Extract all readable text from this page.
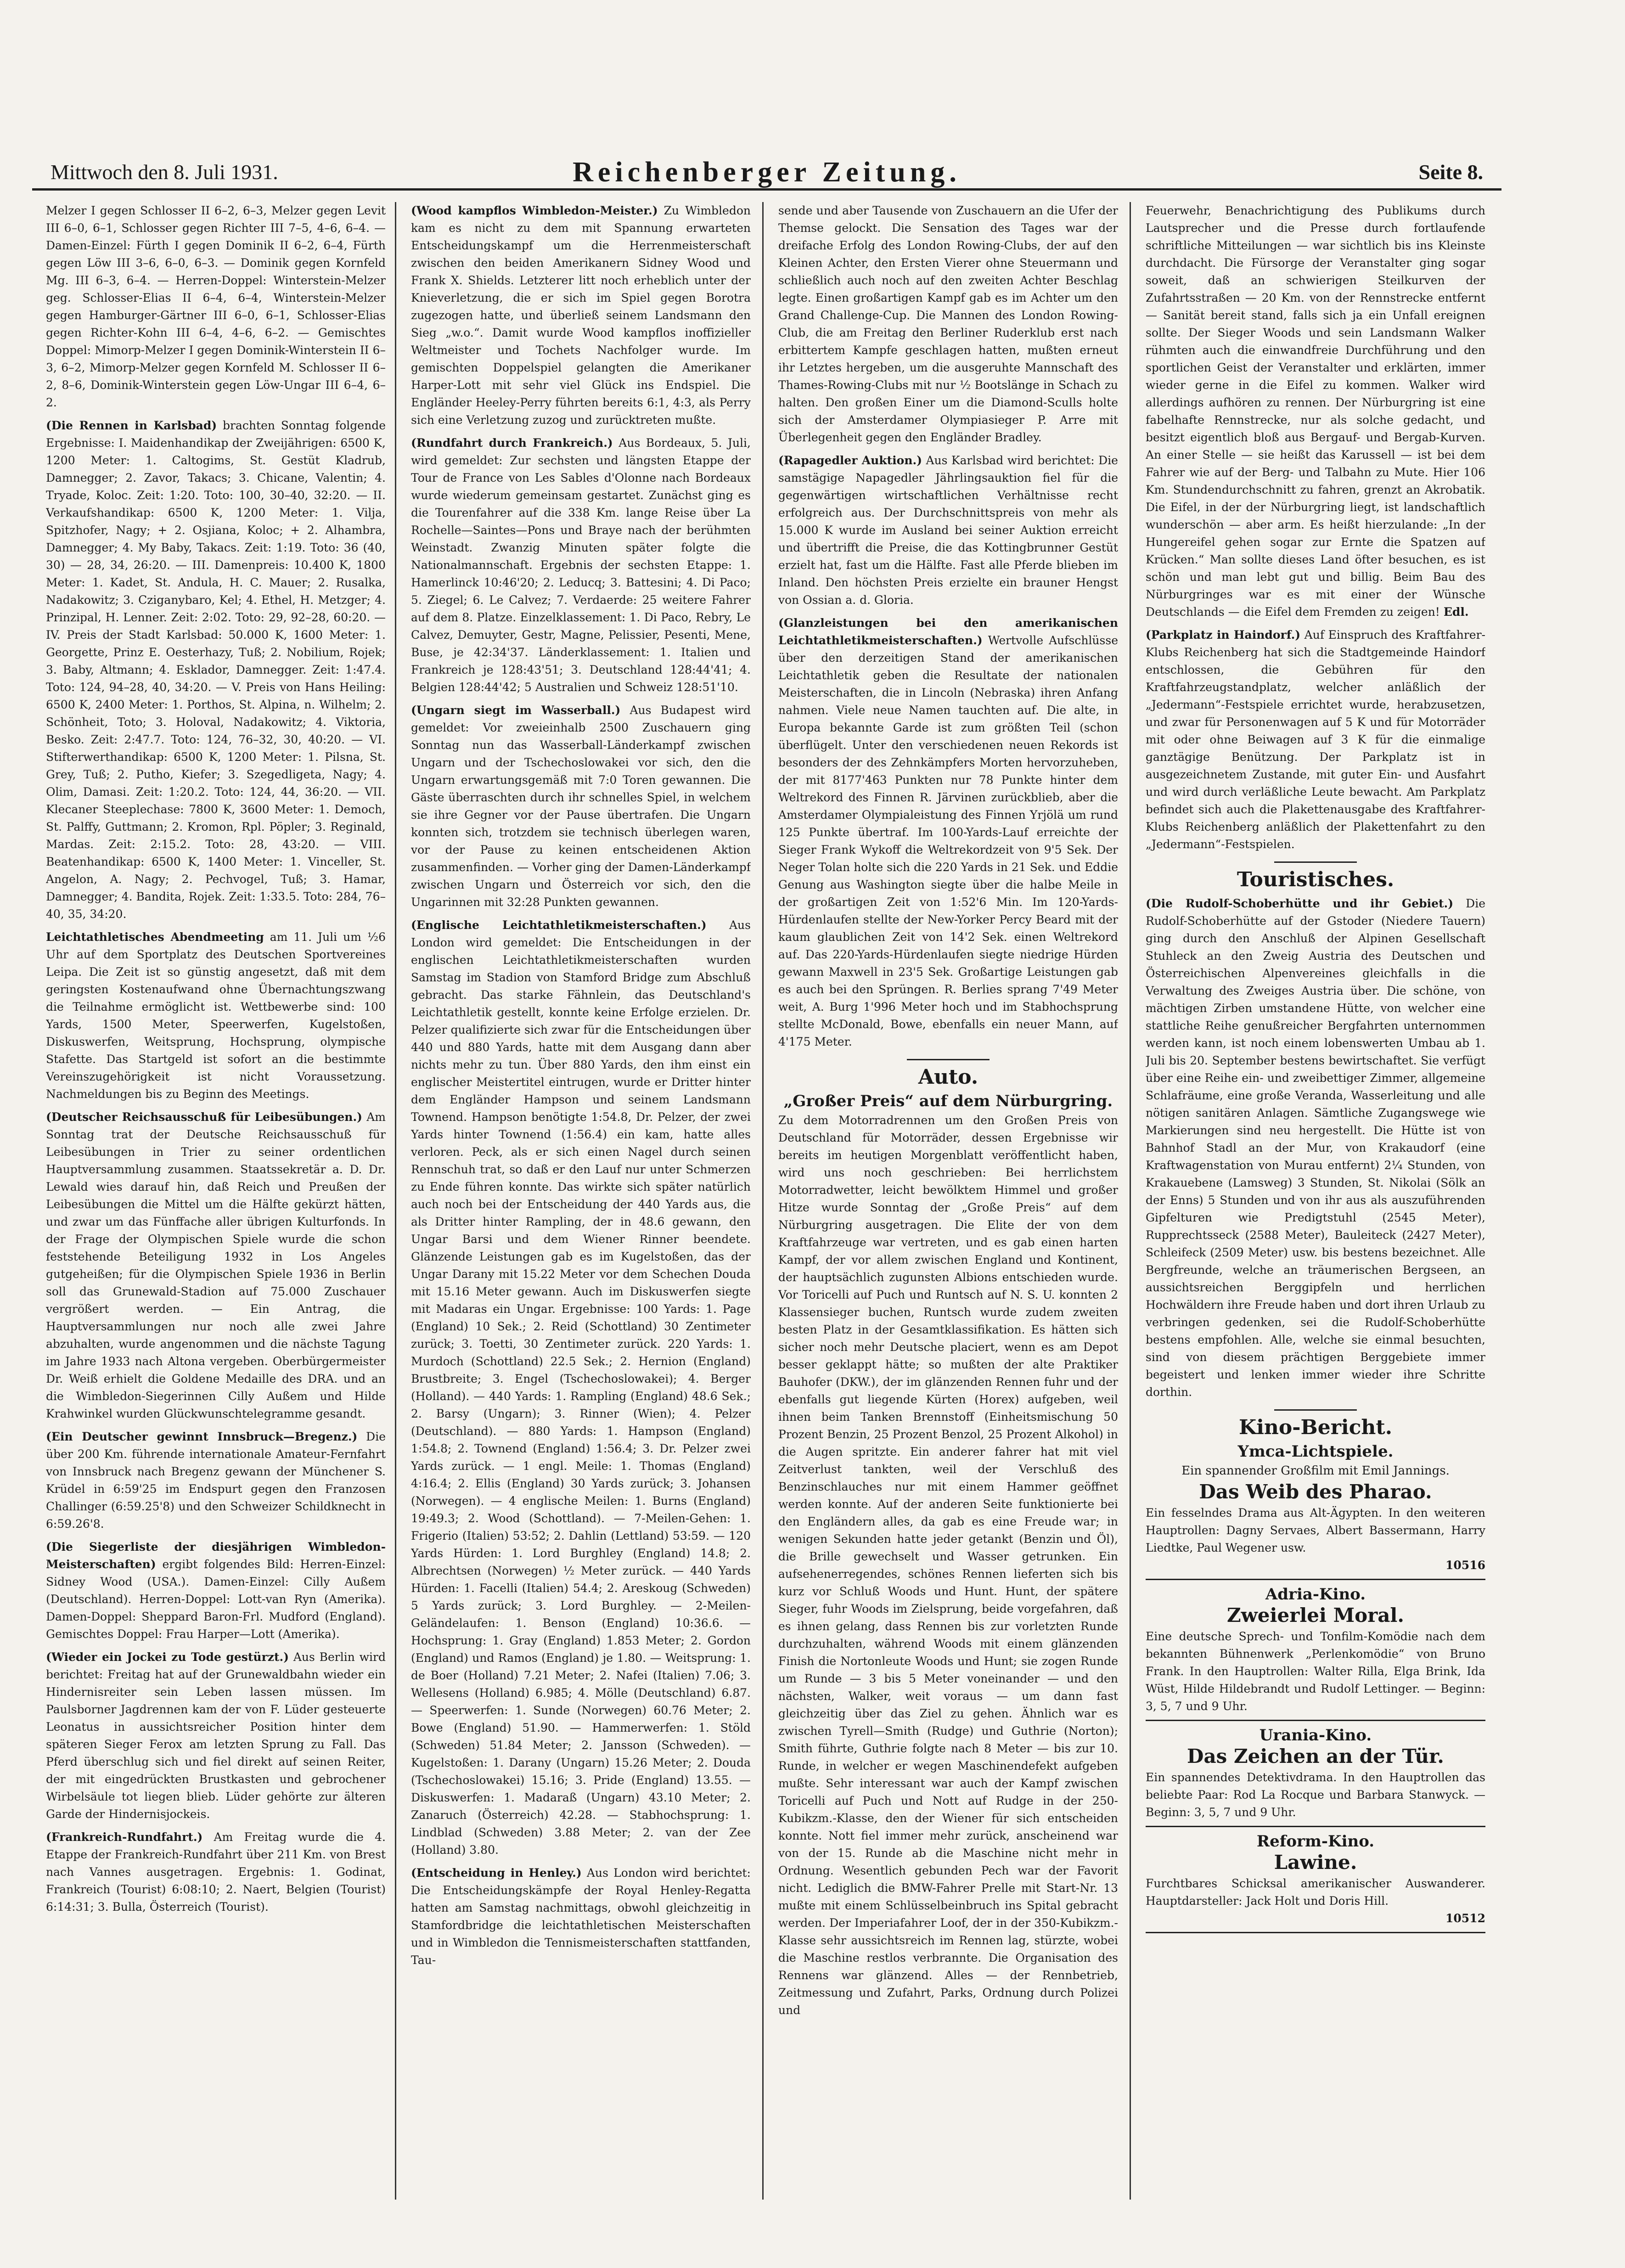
Mittwoch den 8. Juli 1931.	Reichenberger Zeitung.	Seite 8.

Melzer I gegen Schlosser II 6–2, 6–3, Melzer gegen Levit III 6–0, 6–1, Schlosser gegen Richter III 7–5, 4–6, 6–4. — Damen-Einzel: Fürth I gegen Dominik II 6–2, 6–4, Fürth gegen Löw III 3–6, 6–0, 6–3. — Dominik gegen Kornfeld Mg. III 6–3, 6–4. — Herren-Doppel: Winterstein-Melzer geg. Schlosser-Elias II 6–4, 6–4, Winterstein-Melzer gegen Hamburger-Gärtner III 6–0, 6–1, Schlosser-Elias gegen Richter-Kohn III 6–4, 4–6, 6–2. — Gemischtes Doppel: Mimorp-Melzer I gegen Dominik-Winterstein II 6–3, 6–2, Mimorp-Melzer gegen Kornfeld M. Schlosser II 6–2, 8–6, Dominik-Winterstein gegen Löw-Ungar III 6–4, 6–2.

(Die Rennen in Karlsbad) brachten Sonntag folgende Ergebnisse: I. Maidenhandikap der Zweijährigen: 6500 K, 1200 Meter: 1. Caltogims, St. Gestüt Kladrub, Damnegger; 2. Zavor, Takacs; 3. Chicane, Valentin; 4. Tryade, Koloc. Zeit: 1:20. Toto: 100, 30–40, 32:20. — II. Verkaufshandikap: 6500 K, 1200 Meter: 1. Vilja, Spitzhofer, Nagy; + 2. Osjiana, Koloc; + 2. Alhambra, Damnegger; 4. My Baby, Takacs. Zeit: 1:19. Toto: 36 (40, 30) — 28, 34, 26:20. — III. Damenpreis: 10.400 K, 1800 Meter: 1. Kadet, St. Andula, H. C. Mauer; 2. Rusalka, Nadakowitz; 3. Cziganybaro, Kel; 4. Ethel, H. Metzger; 4. Prinzipal, H. Lenner. Zeit: 2:02. Toto: 29, 92–28, 60:20. — IV. Preis der Stadt Karlsbad: 50.000 K, 1600 Meter: 1. Georgette, Prinz E. Oesterhazy, Tuß; 2. Nobilium, Rojek; 3. Baby, Altmann; 4. Esklador, Damnegger. Zeit: 1:47.4. Toto: 124, 94–28, 40, 34:20. — V. Preis von Hans Heiling: 6500 K, 2400 Meter: 1. Porthos, St. Alpina, n. Wilhelm; 2. Schönheit, Toto; 3. Holoval, Nadakowitz; 4. Viktoria, Besko. Zeit: 2:47.7. Toto: 124, 76–32, 30, 40:20. — VI. Stifterwerthandikap: 6500 K, 1200 Meter: 1. Pilsna, St. Grey, Tuß; 2. Putho, Kiefer; 3. Szegedligeta, Nagy; 4. Olim, Damasi. Zeit: 1:20.2. Toto: 124, 44, 36:20. — VII. Klecaner Steeplechase: 7800 K, 3600 Meter: 1. Democh, St. Palffy, Guttmann; 2. Kromon, Rpl. Pöpler; 3. Reginald, Mardas. Zeit: 2:15.2. Toto: 28, 43:20. — VIII. Beatenhandikap: 6500 K, 1400 Meter: 1. Vinceller, St. Angelon, A. Nagy; 2. Pechvogel, Tuß; 3. Hamar, Damnegger; 4. Bandita, Rojek. Zeit: 1:33.5. Toto: 284, 76–40, 35, 34:20.

Leichtathletisches Abendmeeting am 11. Juli um ½6 Uhr auf dem Sportplatz des Deutschen Sportvereines Leipa. Die Zeit ist so günstig angesetzt, daß mit dem geringsten Kostenaufwand ohne Übernachtungszwang die Teilnahme ermöglicht ist. Wettbewerbe sind: 100 Yards, 1500 Meter, Speerwerfen, Kugelstoßen, Diskuswerfen, Weitsprung, Hochsprung, olympische Stafette. Das Startgeld ist sofort an die bestimmte Vereinszugehörigkeit ist nicht Voraussetzung. Nachmeldungen bis zu Beginn des Meetings.

(Deutscher Reichsausschuß für Leibesübungen.) Am Sonntag trat der Deutsche Reichsausschuß für Leibesübungen in Trier zu seiner ordentlichen Hauptversammlung zusammen. Staatssekretär a. D. Dr. Lewald wies darauf hin, daß Reich und Preußen der Leibesübungen die Mittel um die Hälfte gekürzt hätten, und zwar um das Fünffache aller übrigen Kulturfonds. In der Frage der Olympischen Spiele wurde die schon feststehende Beteiligung 1932 in Los Angeles gutgeheißen; für die Olympischen Spiele 1936 in Berlin soll das Grunewald-Stadion auf 75.000 Zuschauer vergrößert werden. — Ein Antrag, die Hauptversammlungen nur noch alle zwei Jahre abzuhalten, wurde angenommen und die nächste Tagung im Jahre 1933 nach Altona vergeben. Oberbürgermeister Dr. Weiß erhielt die Goldene Medaille des DRA. und an die Wimbledon-Siegerinnen Cilly Außem und Hilde Krahwinkel wurden Glückwunschtelegramme gesandt.

(Ein Deutscher gewinnt Innsbruck—Bregenz.) Die über 200 Km. führende internationale Amateur-Fernfahrt von Innsbruck nach Bregenz gewann der Münchener S. Krüdel in 6:59'25 im Endspurt gegen den Franzosen Challinger (6:59.25'8) und den Schweizer Schildknecht in 6:59.26'8.

(Die Siegerliste der diesjährigen Wimbledon-Meisterschaften) ergibt folgendes Bild: Herren-Einzel: Sidney Wood (USA.). Damen-Einzel: Cilly Außem (Deutschland). Herren-Doppel: Lott-van Ryn (Amerika). Damen-Doppel: Sheppard Baron-Frl. Mudford (England). Gemischtes Doppel: Frau Harper—Lott (Amerika).

(Wieder ein Jockei zu Tode gestürzt.) Aus Berlin wird berichtet: Freitag hat auf der Grunewaldbahn wieder ein Hindernisreiter sein Leben lassen müssen. Im Paulsborner Jagdrennen kam der von F. Lüder gesteuerte Leonatus in aussichtsreicher Position hinter dem späteren Sieger Ferox am letzten Sprung zu Fall. Das Pferd überschlug sich und fiel direkt auf seinen Reiter, der mit eingedrückten Brustkasten und gebrochener Wirbelsäule tot liegen blieb. Lüder gehörte zur älteren Garde der Hindernisjockeis.

(Frankreich-Rundfahrt.) Am Freitag wurde die 4. Etappe der Frankreich-Rundfahrt über 211 Km. von Brest nach Vannes ausgetragen. Ergebnis: 1. Godinat, Frankreich (Tourist) 6:08:10; 2. Naert, Belgien (Tourist) 6:14:31; 3. Bulla, Österreich (Tourist).

(Wood kampflos Wimbledon-Meister.) Zu Wimbledon kam es nicht zu dem mit Spannung erwarteten Entscheidungskampf um die Herrenmeisterschaft zwischen den beiden Amerikanern Sidney Wood und Frank X. Shields. Letzterer litt noch erheblich unter der Knieverletzung, die er sich im Spiel gegen Borotra zugezogen hatte, und überließ seinem Landsmann den Sieg „w.o.“. Damit wurde Wood kampflos inoffizieller Weltmeister und Tochets Nachfolger wurde. Im gemischten Doppelspiel gelangten die Amerikaner Harper-Lott mit sehr viel Glück ins Endspiel. Die Engländer Heeley-Perry führten bereits 6:1, 4:3, als Perry sich eine Verletzung zuzog und zurücktreten mußte.

(Rundfahrt durch Frankreich.) Aus Bordeaux, 5. Juli, wird gemeldet: Zur sechsten und längsten Etappe der Tour de France von Les Sables d'Olonne nach Bordeaux wurde wiederum gemeinsam gestartet. Zunächst ging es die Tourenfahrer auf die 338 Km. lange Reise über La Rochelle—Saintes—Pons und Braye nach der berühmten Weinstadt. Zwanzig Minuten später folgte die Nationalmannschaft. Ergebnis der sechsten Etappe: 1. Hamerlinck 10:46'20; 2. Leducq; 3. Battesini; 4. Di Paco; 5. Ziegel; 6. Le Calvez; 7. Verdaerde: 25 weitere Fahrer auf dem 8. Platze. Einzelklassement: 1. Di Paco, Rebry, Le Calvez, Demuyter, Gestr, Magne, Pelissier, Pesenti, Mene, Buse, je 42:34'37. Länderklassement: 1. Italien und Frankreich je 128:43'51; 3. Deutschland 128:44'41; 4. Belgien 128:44'42; 5 Australien und Schweiz 128:51'10.

(Ungarn siegt im Wasserball.) Aus Budapest wird gemeldet: Vor zweieinhalb 2500 Zuschauern ging Sonntag nun das Wasserball-Länderkampf zwischen Ungarn und der Tschechoslowakei vor sich, den die Ungarn erwartungsgemäß mit 7:0 Toren gewannen. Die Gäste überraschten durch ihr schnelles Spiel, in welchem sie ihre Gegner vor der Pause übertrafen. Die Ungarn konnten sich, trotzdem sie technisch überlegen waren, vor der Pause zu keinen entscheidenen Aktion zusammenfinden. — Vorher ging der Damen-Länderkampf zwischen Ungarn und Österreich vor sich, den die Ungarinnen mit 32:28 Punkten gewannen.

(Englische Leichtathletikmeisterschaften.) Aus London wird gemeldet: Die Entscheidungen in der englischen Leichtathletikmeisterschaften wurden Samstag im Stadion von Stamford Bridge zum Abschluß gebracht. Das starke Fähnlein, das Deutschland's Leichtathletik gestellt, konnte keine Erfolge erzielen. Dr. Pelzer qualifizierte sich zwar für die Entscheidungen über 440 und 880 Yards, hatte mit dem Ausgang dann aber nichts mehr zu tun. Über 880 Yards, den ihm einst ein englischer Meistertitel eintrugen, wurde er Dritter hinter dem Engländer Hampson und seinem Landsmann Townend. Hampson benötigte 1:54.8, Dr. Pelzer, der zwei Yards hinter Townend (1:56.4) ein kam, hatte alles verloren. Peck, als er sich einen Nagel durch seinen Rennschuh trat, so daß er den Lauf nur unter Schmerzen zu Ende führen konnte. Das wirkte sich später natürlich auch noch bei der Entscheidung der 440 Yards aus, die als Dritter hinter Rampling, der in 48.6 gewann, den Ungar Barsi und dem Wiener Rinner beendete. Glänzende Leistungen gab es im Kugelstoßen, das der Ungar Darany mit 15.22 Meter vor dem Schechen Douda mit 15.16 Meter gewann. Auch im Diskuswerfen siegte mit Madaras ein Ungar. Ergebnisse: 100 Yards: 1. Page (England) 10 Sek.; 2. Reid (Schottland) 30 Zentimeter zurück; 3. Toetti, 30 Zentimeter zurück. 220 Yards: 1. Murdoch (Schottland) 22.5 Sek.; 2. Hernion (England) Brustbreite; 3. Engel (Tschechoslowakei); 4. Berger (Holland). — 440 Yards: 1. Rampling (England) 48.6 Sek.; 2. Barsy (Ungarn); 3. Rinner (Wien); 4. Pelzer (Deutschland). — 880 Yards: 1. Hampson (England) 1:54.8; 2. Townend (England) 1:56.4; 3. Dr. Pelzer zwei Yards zurück. — 1 engl. Meile: 1. Thomas (England) 4:16.4; 2. Ellis (England) 30 Yards zurück; 3. Johansen (Norwegen). — 4 englische Meilen: 1. Burns (England) 19:49.3; 2. Wood (Schottland). — 7-Meilen-Gehen: 1. Frigerio (Italien) 53:52; 2. Dahlin (Lettland) 53:59. — 120 Yards Hürden: 1. Lord Burghley (England) 14.8; 2. Albrechtsen (Norwegen) ½ Meter zurück. — 440 Yards Hürden: 1. Facelli (Italien) 54.4; 2. Areskoug (Schweden) 5 Yards zurück; 3. Lord Burghley. — 2-Meilen-Geländelaufen: 1. Benson (England) 10:36.6. — Hochsprung: 1. Gray (England) 1.853 Meter; 2. Gordon (England) und Ramos (England) je 1.80. — Weitsprung: 1. de Boer (Holland) 7.21 Meter; 2. Nafei (Italien) 7.06; 3. Wellesens (Holland) 6.985; 4. Mölle (Deutschland) 6.87. — Speerwerfen: 1. Sunde (Norwegen) 60.76 Meter; 2. Bowe (England) 51.90. — Hammerwerfen: 1. Stöld (Schweden) 51.84 Meter; 2. Jansson (Schweden). — Kugelstoßen: 1. Darany (Ungarn) 15.26 Meter; 2. Douda (Tschechoslowakei) 15.16; 3. Pride (England) 13.55. — Diskuswerfen: 1. Madaraß (Ungarn) 43.10 Meter; 2. Zanaruch (Österreich) 42.28. — Stabhochsprung: 1. Lindblad (Schweden) 3.88 Meter; 2. van der Zee (Holland) 3.80.

(Entscheidung in Henley.) Aus London wird berichtet: Die Entscheidungskämpfe der Royal Henley-Regatta hatten am Samstag nachmittags, obwohl gleichzeitig in Stamfordbridge die leichtathletischen Meisterschaften und in Wimbledon die Tennismeisterschaften stattfanden, Tau-

sende und aber Tausende von Zuschauern an die Ufer der Themse gelockt. Die Sensation des Tages war der dreifache Erfolg des London Rowing-Clubs, der auf den Kleinen Achter, den Ersten Vierer ohne Steuermann und schließlich auch noch auf den zweiten Achter Beschlag legte. Einen großartigen Kampf gab es im Achter um den Grand Challenge-Cup. Die Mannen des London Rowing-Club, die am Freitag den Berliner Ruderklub erst nach erbittertem Kampfe geschlagen hatten, mußten erneut ihr Letztes hergeben, um die ausgeruhte Mannschaft des Thames-Rowing-Clubs mit nur ½ Bootslänge in Schach zu halten. Den großen Einer um die Diamond-Sculls holte sich der Amsterdamer Olympiasieger P. Arre mit Überlegenheit gegen den Engländer Bradley.

(Rapagedler Auktion.) Aus Karlsbad wird berichtet: Die samstägige Napagedler Jährlingsauktion fiel für die gegenwärtigen wirtschaftlichen Verhältnisse recht erfolgreich aus. Der Durchschnittspreis von mehr als 15.000 K wurde im Ausland bei seiner Auktion erreicht und übertrifft die Preise, die das Kottingbrunner Gestüt erzielt hat, fast um die Hälfte. Fast alle Pferde blieben im Inland. Den höchsten Preis erzielte ein brauner Hengst von Ossian a. d. Gloria.

(Glanzleistungen bei den amerikanischen Leichtathletikmeisterschaften.) Wertvolle Aufschlüsse über den derzeitigen Stand der amerikanischen Leichtathletik geben die Resultate der nationalen Meisterschaften, die in Lincoln (Nebraska) ihren Anfang nahmen. Viele neue Namen tauchten auf. Die alte, in Europa bekannte Garde ist zum größten Teil (schon überflügelt. Unter den verschiedenen neuen Rekords ist besonders der des Zehnkämpfers Morten hervorzuheben, der mit 8177'463 Punkten nur 78 Punkte hinter dem Weltrekord des Finnen R. Järvinen zurückblieb, aber die Amsterdamer Olympialeistung des Finnen Yrjölä um rund 125 Punkte übertraf. Im 100-Yards-Lauf erreichte der Sieger Frank Wykoff die Weltrekordzeit von 9'5 Sek. Der Neger Tolan holte sich die 220 Yards in 21 Sek. und Eddie Genung aus Washington siegte über die halbe Meile in der großartigen Zeit von 1:52'6 Min. Im 120-Yards-Hürdenlaufen stellte der New-Yorker Percy Beard mit der kaum glaublichen Zeit von 14'2 Sek. einen Weltrekord auf. Das 220-Yards-Hürdenlaufen siegte niedrige Hürden gewann Maxwell in 23'5 Sek. Großartige Leistungen gab es auch bei den Sprüngen. R. Berlies sprang 7'49 Meter weit, A. Burg 1'996 Meter hoch und im Stabhochsprung stellte McDonald, Bowe, ebenfalls ein neuer Mann, auf 4'175 Meter.

Auto.
„Großer Preis“ auf dem Nürburgring.

Zu dem Motorradrennen um den Großen Preis von Deutschland für Motorräder, dessen Ergebnisse wir bereits im heutigen Morgenblatt veröffentlicht haben, wird uns noch geschrieben: Bei herrlichstem Motorradwetter, leicht bewölktem Himmel und großer Hitze wurde Sonntag der „Große Preis“ auf dem Nürburgring ausgetragen. Die Elite der von dem Kraftfahrzeuge war vertreten, und es gab einen harten Kampf, der vor allem zwischen England und Kontinent, der hauptsächlich zugunsten Albions entschieden wurde. Vor Toricelli auf Puch und Runtsch auf N. S. U. konnten 2 Klassensieger buchen, Runtsch wurde zudem zweiten besten Platz in der Gesamtklassifikation. Es hätten sich sicher noch mehr Deutsche placiert, wenn es am Depot besser geklappt hätte; so mußten der alte Praktiker Bauhofer (DKW.), der im glänzenden Rennen fuhr und der ebenfalls gut liegende Kürten (Horex) aufgeben, weil ihnen beim Tanken Brennstoff (Einheitsmischung 50 Prozent Benzin, 25 Prozent Benzol, 25 Prozent Alkohol) in die Augen spritzte. Ein anderer fahrer hat mit viel Zeitverlust tankten, weil der Verschluß des Benzinschlauches nur mit einem Hammer geöffnet werden konnte. Auf der anderen Seite funktionierte bei den Engländern alles, da gab es eine Freude war; in wenigen Sekunden hatte jeder getankt (Benzin und Öl), die Brille gewechselt und Wasser getrunken. Ein aufsehenerregendes, schönes Rennen lieferten sich bis kurz vor Schluß Woods und Hunt. Hunt, der spätere Sieger, fuhr Woods im Zielsprung, beide vorgefahren, daß es ihnen gelang, dass Rennen bis zur vorletzten Runde durchzuhalten, während Woods mit einem glänzenden Finish die Nortonleute Woods und Hunt; sie zogen Runde um Runde — 3 bis 5 Meter voneinander — und den nächsten, Walker, weit voraus — um dann fast gleichzeitig über das Ziel zu gehen. Ähnlich war es zwischen Tyrell—Smith (Rudge) und Guthrie (Norton); Smith führte, Guthrie folgte nach 8 Meter — bis zur 10. Runde, in welcher er wegen Maschinendefekt aufgeben mußte. Sehr interessant war auch der Kampf zwischen Toricelli auf Puch und Nott auf Rudge in der 250-Kubikzm.-Klasse, den der Wiener für sich entscheiden konnte. Nott fiel immer mehr zurück, anscheinend war von der 15. Runde ab die Maschine nicht mehr in Ordnung. Wesentlich gebunden Pech war der Favorit nicht. Lediglich die BMW-Fahrer Prelle mit Start-Nr. 13 mußte mit einem Schlüsselbeinbruch ins Spital gebracht werden. Der Imperiafahrer Loof, der in der 350-Kubikzm.-Klasse sehr aussichtsreich im Rennen lag, stürzte, wobei die Maschine restlos verbrannte. Die Organisation des Rennens war glänzend. Alles — der Rennbetrieb, Zeitmessung und Zufahrt, Parks, Ordnung durch Polizei und

Feuerwehr, Benachrichtigung des Publikums durch Lautsprecher und die Presse durch fortlaufende schriftliche Mitteilungen — war sichtlich bis ins Kleinste durchdacht. Die Fürsorge der Veranstalter ging sogar soweit, daß an schwierigen Steilkurven der Zufahrtsstraßen — 20 Km. von der Rennstrecke entfernt — Sanität bereit stand, falls sich ja ein Unfall ereignen sollte. Der Sieger Woods und sein Landsmann Walker rühmten auch die einwandfreie Durchführung und den sportlichen Geist der Veranstalter und erklärten, immer wieder gerne in die Eifel zu kommen. Walker wird allerdings aufhören zu rennen. Der Nürburgring ist eine fabelhafte Rennstrecke, nur als solche gedacht, und besitzt eigentlich bloß aus Bergauf- und Bergab-Kurven. An einer Stelle — sie heißt das Karussell — ist bei dem Fahrer wie auf der Berg- und Talbahn zu Mute. Hier 106 Km. Stundendurchschnitt zu fahren, grenzt an Akrobatik. Die Eifel, in der der Nürburgring liegt, ist landschaftlich wunderschön — aber arm. Es heißt hierzulande: „In der Hungereifel gehen sogar zur Ernte die Spatzen auf Krücken.“ Man sollte dieses Land öfter besuchen, es ist schön und man lebt gut und billig. Beim Bau des Nürburgringes war es mit einer der Wünsche Deutschlands — die Eifel dem Fremden zu zeigen! Edl.

(Parkplatz in Haindorf.) Auf Einspruch des Kraftfahrer-Klubs Reichenberg hat sich die Stadtgemeinde Haindorf entschlossen, die Gebühren für den Kraftfahrzeugstandplatz, welcher anläßlich der „Jedermann“-Festspiele errichtet wurde, herabzusetzen, und zwar für Personenwagen auf 5 K und für Motorräder mit oder ohne Beiwagen auf 3 K für die einmalige ganztägige Benützung. Der Parkplatz ist in ausgezeichnetem Zustande, mit guter Ein- und Ausfahrt und wird durch verläßliche Leute bewacht. Am Parkplatz befindet sich auch die Plakettenausgabe des Kraftfahrer-Klubs Reichenberg anläßlich der Plakettenfahrt zu den „Jedermann“-Festspielen.

Touristisches.

(Die Rudolf-Schoberhütte und ihr Gebiet.) Die Rudolf-Schoberhütte auf der Gstoder (Niedere Tauern) ging durch den Anschluß der Alpinen Gesellschaft Stuhleck an den Zweig Austria des Deutschen und Österreichischen Alpenvereines gleichfalls in die Verwaltung des Zweiges Austria über. Die schöne, von mächtigen Zirben umstandene Hütte, von welcher eine stattliche Reihe genußreicher Bergfahrten unternommen werden kann, ist noch einem lobenswerten Umbau ab 1. Juli bis 20. September bestens bewirtschaftet. Sie verfügt über eine Reihe ein- und zweibettiger Zimmer, allgemeine Schlafräume, eine große Veranda, Wasserleitung und alle nötigen sanitären Anlagen. Sämtliche Zugangswege wie Markierungen sind neu hergestellt. Die Hütte ist von Bahnhof Stadl an der Mur, von Krakaudorf (eine Kraftwagenstation von Murau entfernt) 2¼ Stunden, von Krakauebene (Lamsweg) 3 Stunden, St. Nikolai (Sölk an der Enns) 5 Stunden und von ihr aus als auszuführenden Gipfelturen wie Predigtstuhl (2545 Meter), Rupprechtsseck (2588 Meter), Bauleiteck (2427 Meter), Schleifeck (2509 Meter) usw. bis bestens bezeichnet. Alle Bergfreunde, welche an träumerischen Bergseen, an aussichtsreichen Berggipfeln und herrlichen Hochwäldern ihre Freude haben und dort ihren Urlaub zu verbringen gedenken, sei die Rudolf-Schoberhütte bestens empfohlen. Alle, welche sie einmal besuchten, sind von diesem prächtigen Berggebiete immer begeistert und lenken immer wieder ihre Schritte dorthin.

Kino-Bericht.
Ymca-Lichtspiele.
Ein spannender Großfilm mit Emil Jannings.
Das Weib des Pharao.
Ein fesselndes Drama aus Alt-Ägypten. In den weiteren Hauptrollen: Dagny Servaes, Albert Bassermann, Harry Liedtke, Paul Wegener usw.
10516
Adria-Kino.
Zweierlei Moral.
Eine deutsche Sprech- und Tonfilm-Komödie nach dem bekannten Bühnenwerk „Perlenkomödie“ von Bruno Frank. In den Hauptrollen: Walter Rilla, Elga Brink, Ida Wüst, Hilde Hildebrandt und Rudolf Lettinger. — Beginn: 3, 5, 7 und 9 Uhr.
Urania-Kino.
Das Zeichen an der Tür.
Ein spannendes Detektivdrama. In den Hauptrollen das beliebte Paar: Rod La Rocque und Barbara Stanwyck. — Beginn: 3, 5, 7 und 9 Uhr.
Reform-Kino.
Lawine.
Furchtbares Schicksal amerikanischer Auswanderer. Hauptdarsteller: Jack Holt und Doris Hill.
10512
